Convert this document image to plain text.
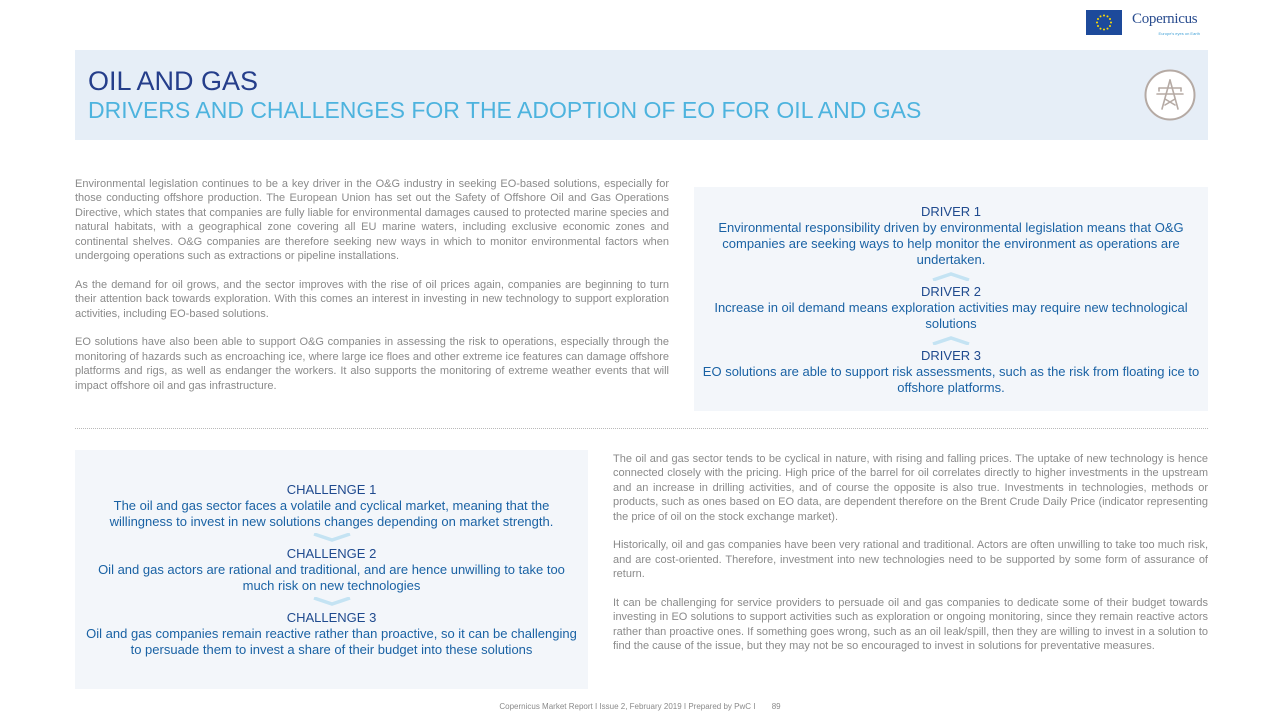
Copernicus
Europe's eyes on Earth
OIL AND GAS
DRIVERS AND CHALLENGES FOR THE ADOPTION OF EO FOR OIL AND GAS

Environmental legislation continues to be a key driver in the O&G industry in seeking EO-based solutions, especially for those conducting offshore production. The European Union has set out the Safety of Offshore Oil and Gas Operations Directive, which states that companies are fully liable for environmental damages caused to protected marine species and natural habitats, with a geographical zone covering all EU marine waters, including exclusive economic zones and continental shelves. O&G companies are therefore seeking new ways in which to monitor environmental factors when undergoing operations such as extractions or pipeline installations.

As the demand for oil grows, and the sector improves with the rise of oil prices again, companies are beginning to turn their attention back towards exploration. With this comes an interest in investing in new technology to support exploration activities, including EO-based solutions.

EO solutions have also been able to support O&G companies in assessing the risk to operations, especially through the monitoring of hazards such as encroaching ice, where large ice floes and other extreme ice features can damage offshore platforms and rigs, as well as endanger the workers. It also supports the monitoring of extreme weather events that will impact offshore oil and gas infrastructure.

DRIVER 1
Environmental responsibility driven by environmental legislation means that O&G companies are seeking ways to help monitor the environment as operations are undertaken.
DRIVER 2
Increase in oil demand means exploration activities may require new technological solutions
DRIVER 3
EO solutions are able to support risk assessments, such as the risk from floating ice to offshore platforms.
CHALLENGE 1
The oil and gas sector faces a volatile and cyclical market, meaning that the willingness to invest in new solutions changes depending on market strength.
CHALLENGE 2
Oil and gas actors are rational and traditional, and are hence unwilling to take too much risk on new technologies
CHALLENGE 3
Oil and gas companies remain reactive rather than proactive, so it can be challenging to persuade them to invest a share of their budget into these solutions

The oil and gas sector tends to be cyclical in nature, with rising and falling prices. The uptake of new technology is hence connected closely with the pricing. High price of the barrel for oil correlates directly to higher investments in the upstream and an increase in drilling activities, and of course the opposite is also true. Investments in technologies, methods or products, such as ones based on EO data, are dependent therefore on the Brent Crude Daily Price (indicator representing the price of oil on the stock exchange market).

Historically, oil and gas companies have been very rational and traditional. Actors are often unwilling to take too much risk, and are cost-oriented. Therefore, investment into new technologies need to be supported by some form of assurance of return.

It can be challenging for service providers to persuade oil and gas companies to dedicate some of their budget towards investing in EO solutions to support activities such as exploration or ongoing monitoring, since they remain reactive actors rather than proactive ones. If something goes wrong, such as an oil leak/spill, then they are willing to invest in a solution to find the cause of the issue, but they may not be so encouraged to invest in solutions for preventative measures.

Copernicus Market Report I Issue 2, February 2019 I Prepared by PwC I 89
